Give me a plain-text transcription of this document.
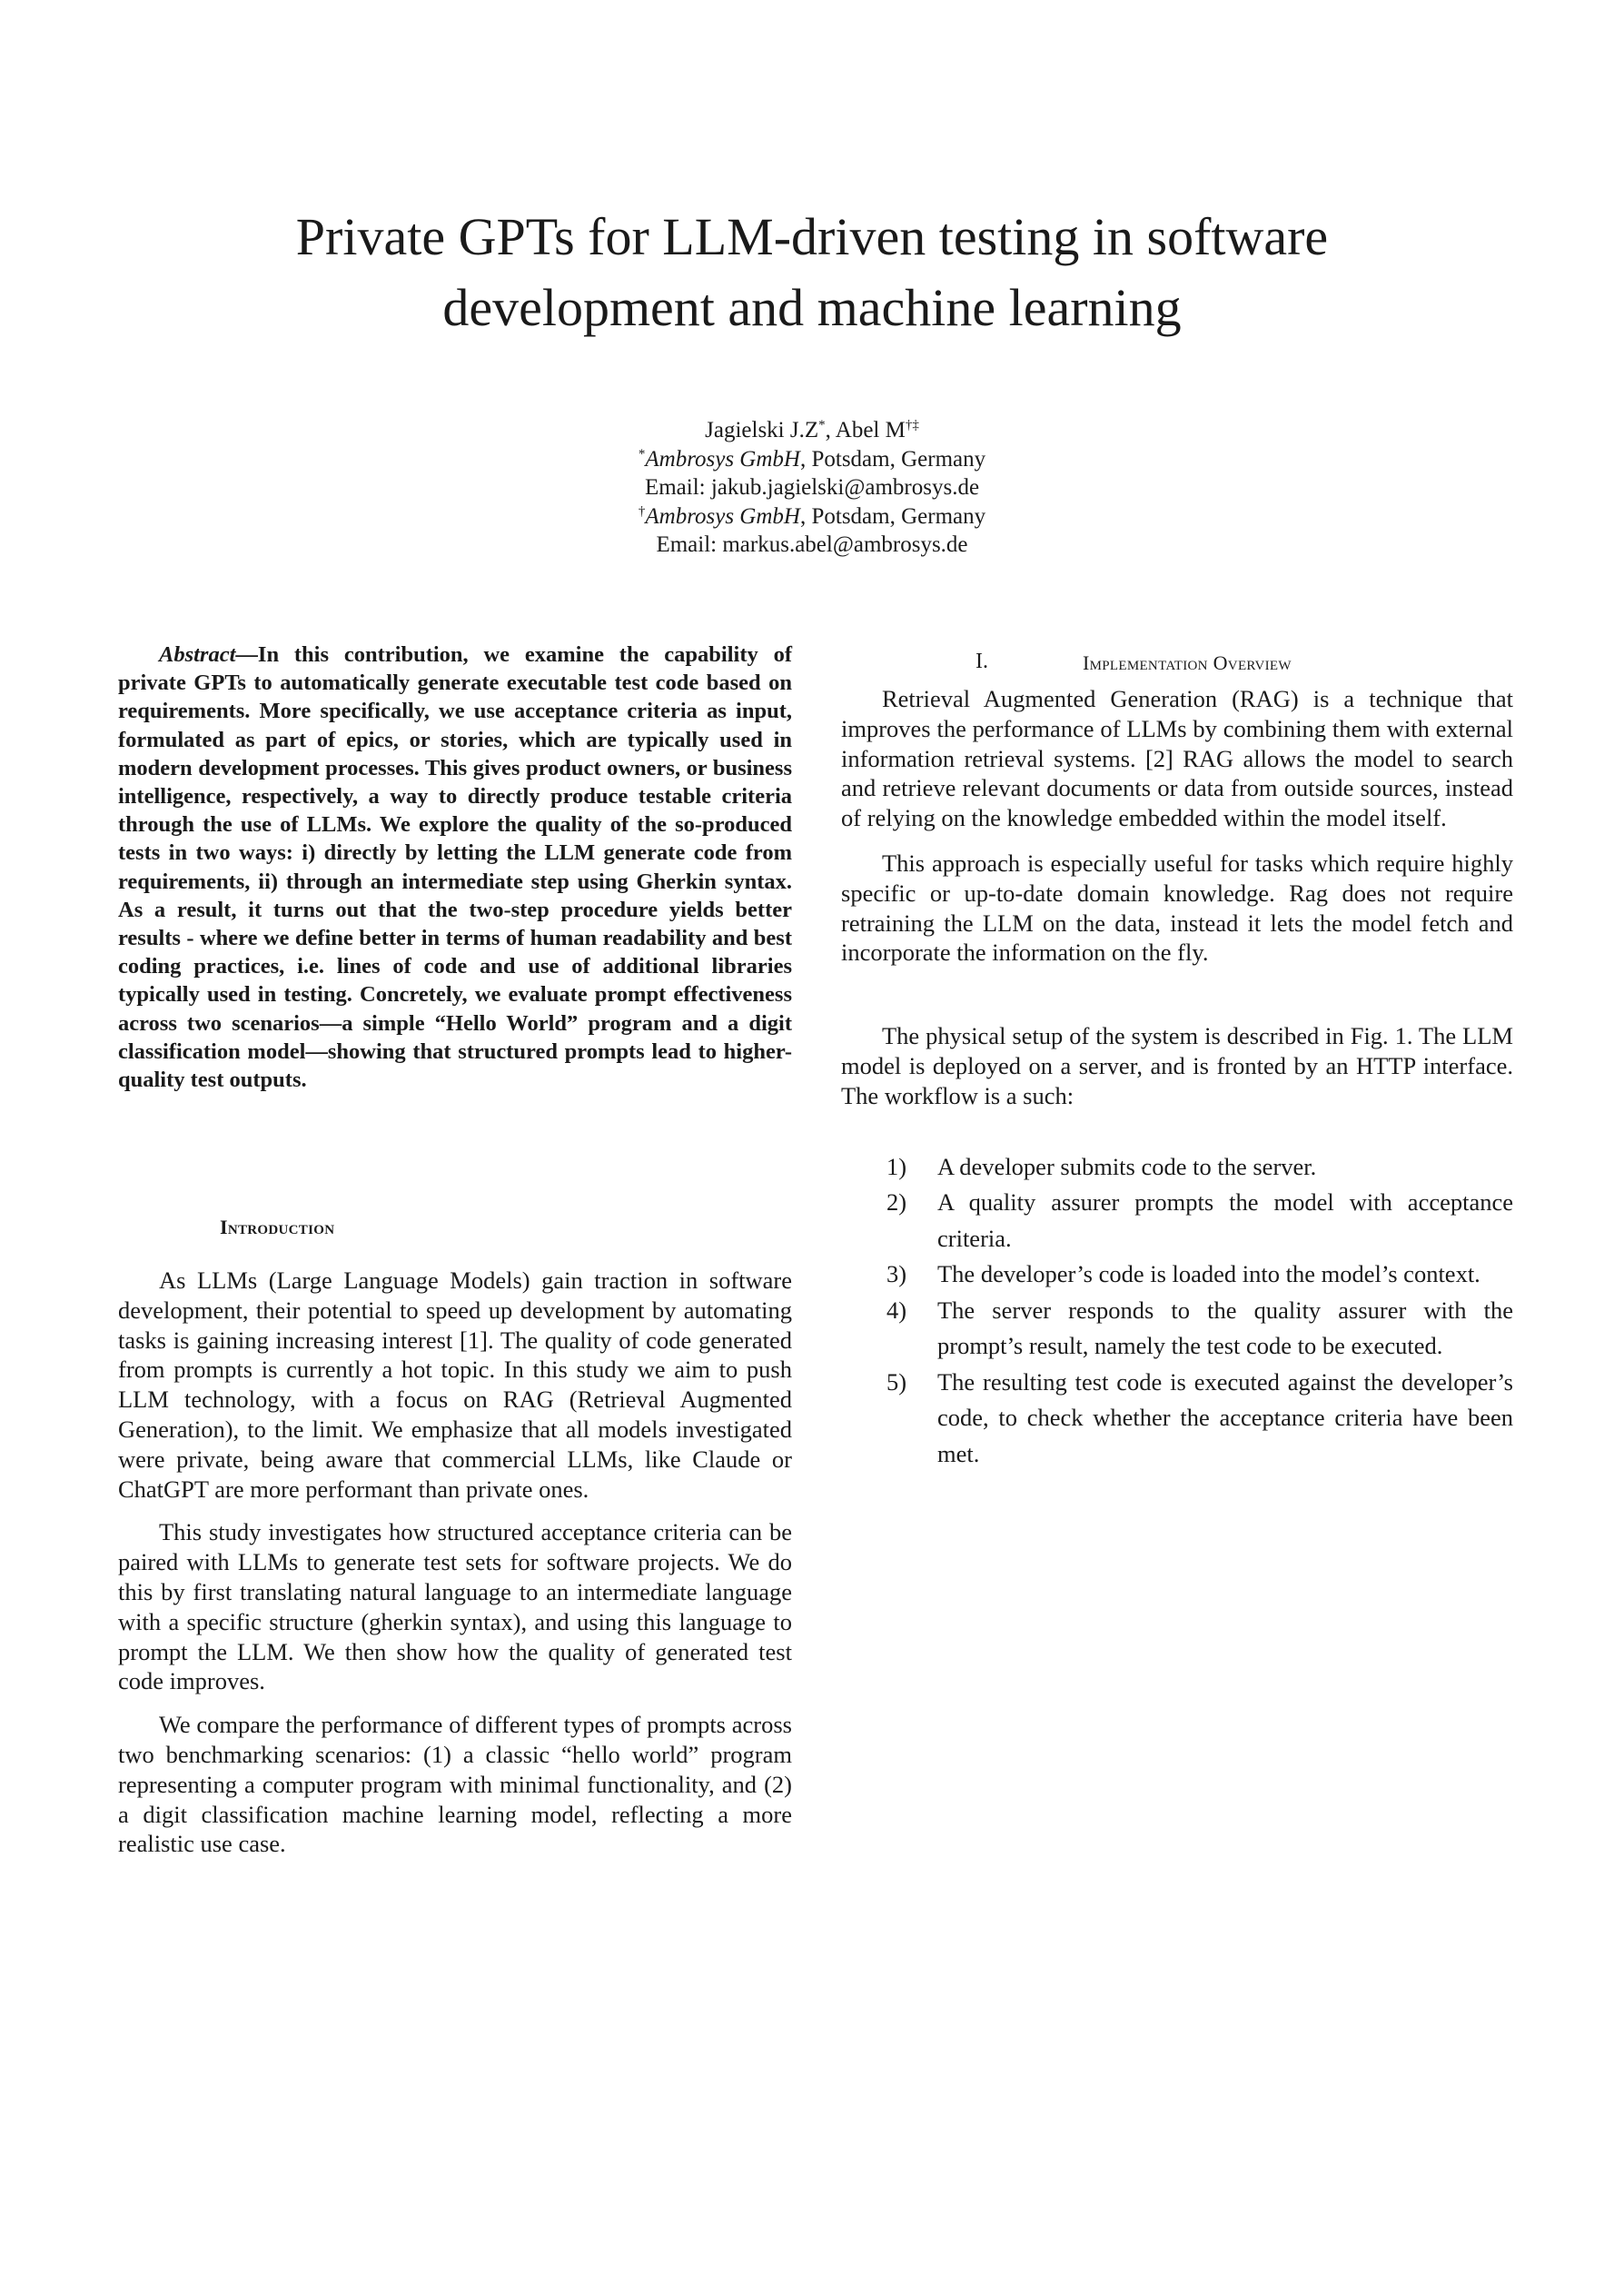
Private GPTs for LLM-driven testing in software
development and machine learning
Jagielski J.Z*, Abel M†‡
*Ambrosys GmbH, Potsdam, Germany
Email: jakub.jagielski@ambrosys.de
†Ambrosys GmbH, Potsdam, Germany
Email: markus.abel@ambrosys.de

Abstract—In this contribution, we examine the capability of private GPTs to automatically generate executable test code based on requirements. More specifically, we use acceptance criteria as input, formulated as part of epics, or stories, which are typically used in modern development processes. This gives product owners, or business intelligence, respectively, a way to directly produce testable criteria through the use of LLMs. We explore the quality of the so-produced tests in two ways: i) directly by letting the LLM generate code from requirements, ii) through an intermediate step using Gherkin syntax. As a result, it turns out that the two-step procedure yields better results - where we define better in terms of human readability and best coding practices, i.e. lines of code and use of additional libraries typically used in testing. Concretely, we evaluate prompt effectiveness across two scenarios—a simple “Hello World” program and a digit classification model—showing that structured prompts lead to higher-quality test outputs.

Introduction

As LLMs (Large Language Models) gain traction in software development, their potential to speed up development by automating tasks is gaining increasing interest [1]. The quality of code generated from prompts is currently a hot topic. In this study we aim to push LLM technology, with a focus on RAG (Retrieval Augmented Generation), to the limit. We emphasize that all models investigated were private, being aware that commercial LLMs, like Claude or ChatGPT are more performant than private ones.

This study investigates how structured acceptance criteria can be paired with LLMs to generate test sets for software projects. We do this by first translating natural language to an intermediate language with a specific structure (gherkin syntax), and using this language to prompt the LLM. We then show how the quality of generated test code improves.

We compare the performance of different types of prompts across two benchmarking scenarios: (1) a classic “hello world” program representing a computer program with minimal functionality, and (2) a digit classification machine learning model, reflecting a more realistic use case.

I.	Implementation Overview

Retrieval Augmented Generation (RAG) is a technique that improves the performance of LLMs by combining them with external information retrieval systems. [2] RAG allows the model to search and retrieve relevant documents or data from outside sources, instead of relying on the knowledge embedded within the model itself.

This approach is especially useful for tasks which require highly specific or up-to-date domain knowledge. Rag does not require retraining the LLM on the data, instead it lets the model fetch and incorporate the information on the fly.

The physical setup of the system is described in Fig. 1. The LLM model is deployed on a server, and is fronted by an HTTP interface. The workflow is a such:

1) A developer submits code to the server.
2) A quality assurer prompts the model with acceptance criteria.
3) The developer’s code is loaded into the model’s context.
4) The server responds to the quality assurer with the prompt’s result, namely the test code to be executed.
5) The resulting test code is executed against the developer’s code, to check whether the acceptance criteria have been met.
